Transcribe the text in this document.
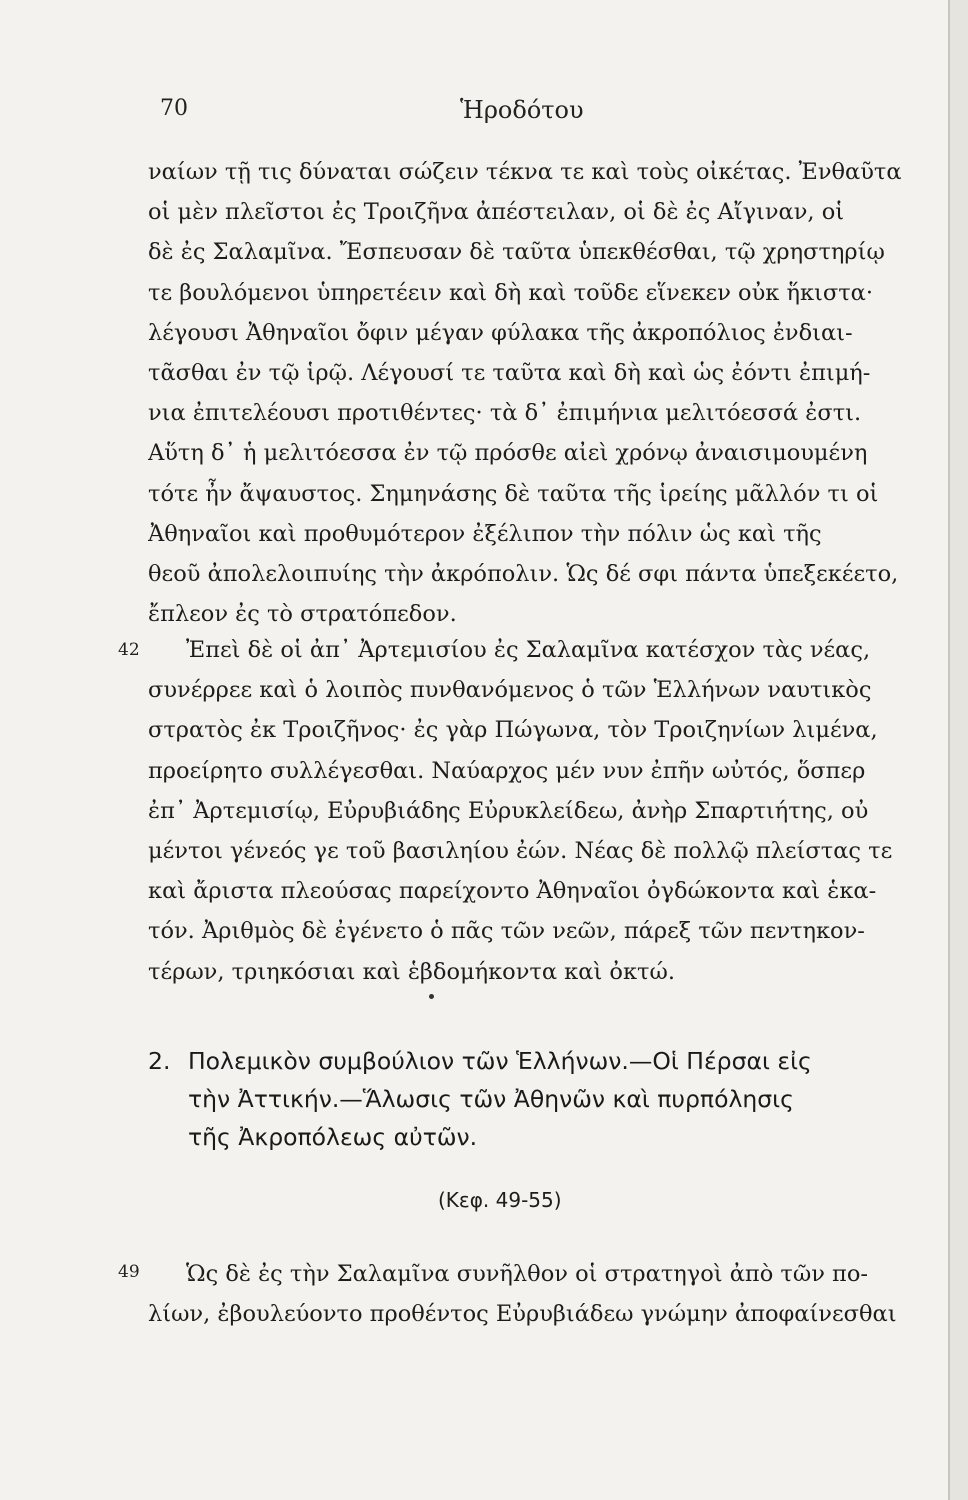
70	Ἡροδότου
ναίων τῇ τις δύναται σώζειν τέκνα τε καὶ τοὺς οἰκέτας. Ἐνθαῦτα
οἱ μὲν πλεῖστοι ἐς Τροιζῆνα ἀπέστειλαν, οἱ δὲ ἐς Αἴγιναν, οἱ
δὲ ἐς Σαλαμῖνα. Ἔσπευσαν δὲ ταῦτα ὑπεκθέσθαι, τῷ χρηστηρίῳ
τε βουλόμενοι ὑπηρετέειν καὶ δὴ καὶ τοῦδε εἵνεκεν οὐκ ἥκιστα·
λέγουσι Ἀθηναῖοι ὄφιν μέγαν φύλακα τῆς ἀκροπόλιος ἐνδιαι-
τᾶσθαι ἐν τῷ ἱρῷ. Λέγουσί τε ταῦτα καὶ δὴ καὶ ὡς ἐόντι ἐπιμή-
νια ἐπιτελέουσι προτιθέντες· τὰ δ᾽ ἐπιμήνια μελιτόεσσά ἐστι.
Αὕτη δ᾽ ἡ μελιτόεσσα ἐν τῷ πρόσθε αἰεὶ χρόνῳ ἀναισιμουμένη
τότε ἦν ἄψαυστος. Σημηνάσης δὲ ταῦτα τῆς ἱρείης μᾶλλόν τι οἱ
Ἀθηναῖοι καὶ προθυμότερον ἐξέλιπον τὴν πόλιν ὡς καὶ τῆς
θεοῦ ἀπολελοιπυίης τὴν ἀκρόπολιν. Ὡς δέ σφι πάντα ὑπεξεκέετο,
ἔπλεον ἐς τὸ στρατόπεδον.
42	Ἐπεὶ δὲ οἱ ἀπ᾽ Ἀρτεμισίου ἐς Σαλαμῖνα κατέσχον τὰς νέας,
συνέρρεε καὶ ὁ λοιπὸς πυνθανόμενος ὁ τῶν Ἑλλήνων ναυτικὸς
στρατὸς ἐκ Τροιζῆνος· ἐς γὰρ Πώγωνα, τὸν Τροιζηνίων λιμένα,
προείρητο συλλέγεσθαι. Ναύαρχος μέν νυν ἐπῆν ωὐτός, ὅσπερ
ἐπ᾽ Ἀρτεμισίῳ, Εὐρυβιάδης Εὐρυκλείδεω, ἀνὴρ Σπαρτιήτης, οὐ
μέντοι γένεός γε τοῦ βασιληίου ἐών. Νέας δὲ πολλῷ πλείστας τε
καὶ ἄριστα πλεούσας παρείχοντο Ἀθηναῖοι ὀγδώκοντα καὶ ἑκα-
τόν. Ἀριθμὸς δὲ ἐγένετο ὁ πᾶς τῶν νεῶν, πάρεξ τῶν πεντηκον-
τέρων, τριηκόσιαι καὶ ἑβδομήκοντα καὶ ὀκτώ.
2. Πολεμικὸν συμβούλιον τῶν Ἑλλήνων.—Οἱ Πέρσαι εἰς
τὴν Ἀττικήν.—Ἅλωσις τῶν Ἀθηνῶν καὶ πυρπόλησις
τῆς Ἀκροπόλεως αὐτῶν.
(Κεφ. 49-55)
49	Ὡς δὲ ἐς τὴν Σαλαμῖνα συνῆλθον οἱ στρατηγοὶ ἀπὸ τῶν πο-
λίων, ἐβουλεύοντο προθέντος Εὐρυβιάδεω γνώμην ἀποφαίνεσθαι
